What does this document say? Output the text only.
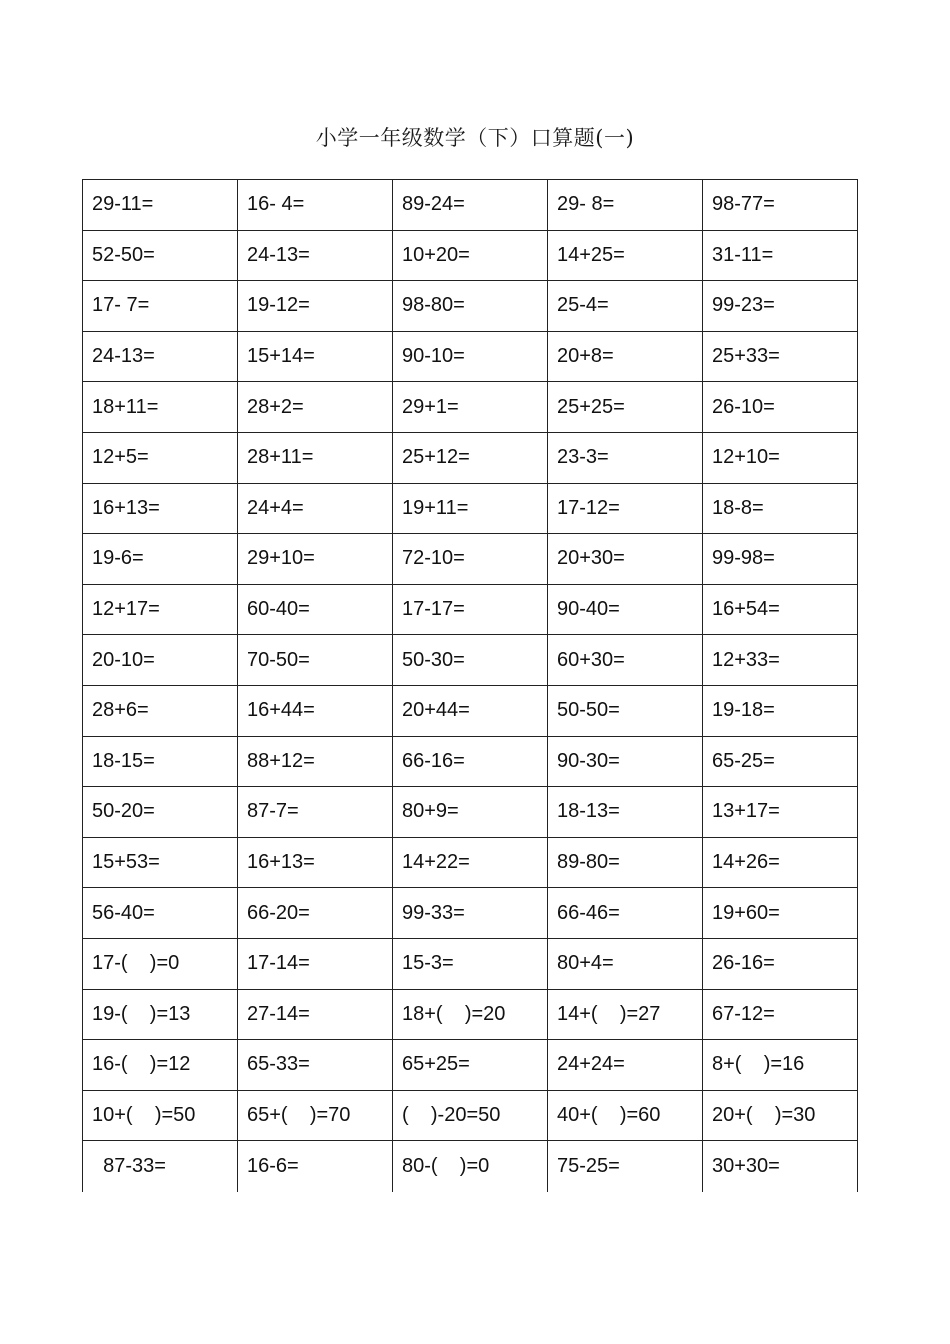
小学一年级数学（下）口算题(一)
29-11=	16- 4=	89-24=	29- 8=	98-77=
52-50=	24-13=	10+20=	14+25=	31-11=
17- 7=	19-12=	98-80=	25-4=	99-23=
24-13=	15+14=	90-10=	20+8=	25+33=
18+11=	28+2=	29+1=	25+25=	26-10=
12+5=	28+11=	25+12=	23-3=	12+10=
16+13=	24+4=	19+11=	17-12=	18-8=
19-6=	29+10=	72-10=	20+30=	99-98=
12+17=	60-40=	17-17=	90-40=	16+54=
20-10=	70-50=	50-30=	60+30=	12+33=
28+6=	16+44=	20+44=	50-50=	19-18=
18-15=	88+12=	66-16=	90-30=	65-25=
50-20=	87-7=	80+9=	18-13=	13+17=
15+53=	16+13=	14+22=	89-80=	14+26=
56-40=	66-20=	99-33=	66-46=	19+60=
17-(    )=0	17-14=	15-3=	80+4=	26-16=
19-(    )=13	27-14=	18+(    )=20	14+(    )=27	67-12=
16-(    )=12	65-33=	65+25=	24+24=	8+(    )=16
10+(    )=50	65+(    )=70	(    )-20=50	40+(    )=60	20+(    )=30
87-33=	16-6=	80-(    )=0	75-25=	30+30=
